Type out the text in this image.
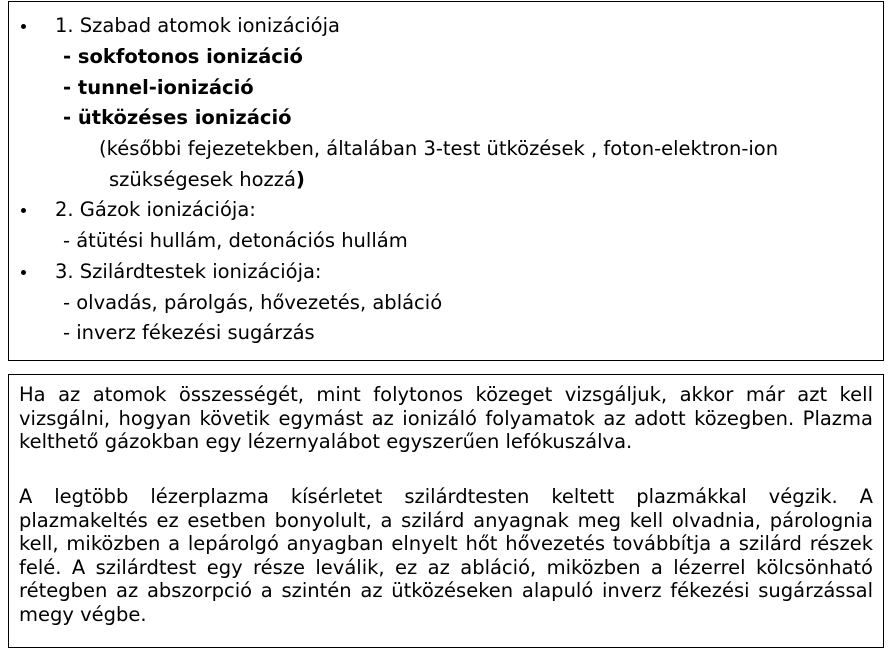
1. Szabad atomok ionizációja
- sokfotonos ionizáció
- tunnel-ionizáció
- ütközéses ionizáció
(későbbi fejezetekben, általában 3-test ütközések , foton-elektron-ion
szükségesek hozzá)
2. Gázok ionizációja:
- átütési hullám, detonációs hullám
3. Szilárdtestek ionizációja:
- olvadás, párolgás, hővezetés, abláció
- inverz fékezési sugárzás

Ha az atomok összességét, mint folytonos közeget vizsgáljuk, akkor már azt kell vizsgálni, hogyan követik egymást az ionizáló folyamatok az adott közegben. Plazma kelthető gázokban egy lézernyalábot egyszerűen lefókuszálva.

A legtöbb lézerplazma kísérletet szilárdtesten keltett plazmákkal végzik. A plazmakeltés ez esetben bonyolult, a szilárd anyagnak meg kell olvadnia, párolognia kell, miközben a lepárolgó anyagban elnyelt hőt hővezetés továbbítja a szilárd részek felé. A szilárdtest egy része leválik, ez az abláció, miközben a lézerrel kölcsönható rétegben az abszorpció a szintén az ütközéseken alapuló inverz fékezési sugárzással megy végbe.
